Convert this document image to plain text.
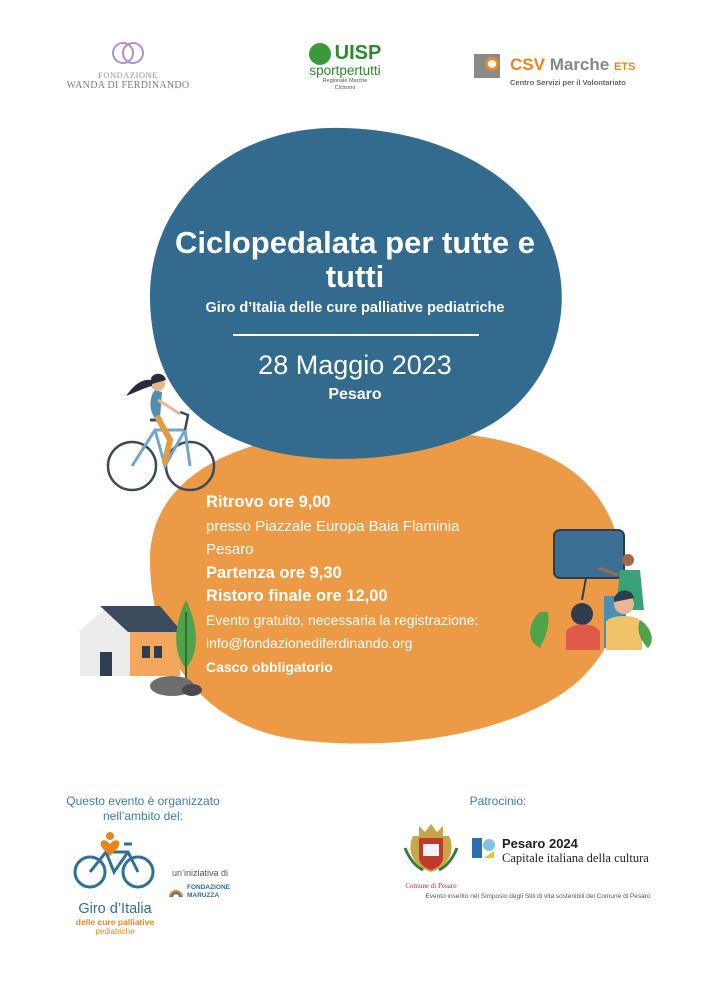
FONDAZIONE
WANDA DI FERDINANDO
UISP
sportpertutti
Regionale Marche
Ciclismo
CSV Marche ETS
Centro Servizi per il Volontariato
Ciclopedalata per tutte e tutti
Giro d’Italia delle cure palliative pediatriche
28 Maggio 2023
Pesaro
Ritrovo ore 9,00
presso Piazzale Europa Baia Flaminia
Pesaro
Partenza ore 9,30
Ristoro finale ore 12,00
Evento gratuito, necessaria la registrazione:
info@fondazionediferdinando.org
Casco obbligatorio
Questo evento è organizzato
nell’ambito del:
Giro d’Italia
delle cure palliative
pediatriche
un’iniziativa di
FONDAZIONE
MARUZZA
Patrocinio:
Comune di Pesaro
Pesaro 2024
Capitale italiana della cultura
Evento inserito nel Simposio degli Stili di vita sostenibili del Comune di Pesaro
